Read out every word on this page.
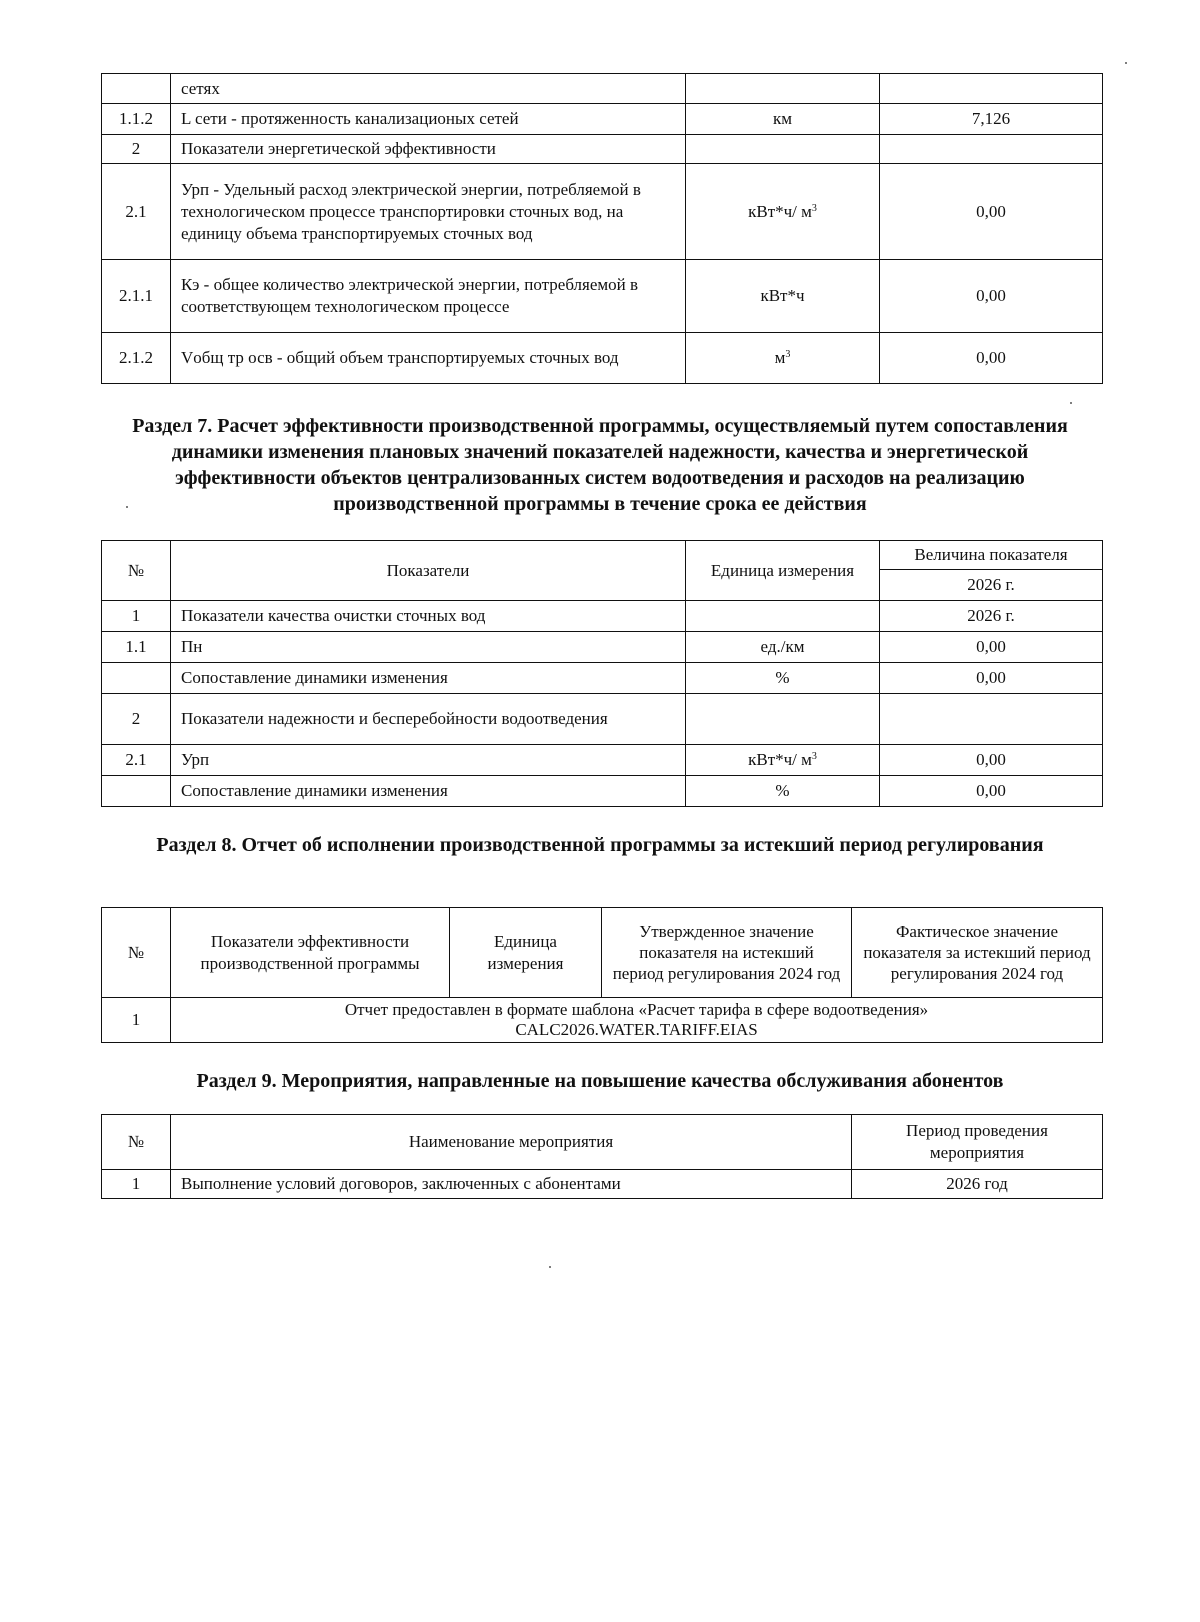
	сетях		
1.1.2	L сети - протяженность канализационых сетей	км	7,126
2	Показатели энергетической эффективности		
2.1	Урп - Удельный расход электрической энергии, потребляемой в технологическом процессе транспортировки сточных вод, на единицу объема транспортируемых сточных вод	кВт*ч/ $м^3$	0,00
2.1.1	Кэ - общее количество электрической энергии, потребляемой в соответствующем технологическом процессе	кВт*ч	0,00
2.1.2	Vобщ тр осв - общий объем транспортируемых сточных вод	$м^3$	0,00
Раздел 7. Расчет эффективности производственной программы, осуществляемый путем сопоставления динамики изменения плановых значений показателей надежности, качества и энергетической эффективности объектов централизованных систем водоотведения и расходов на реализацию производственной программы в течение срока ее действия
№	Показатели	Единица измерения	Величина показателя
			2026 г.
1	Показатели качества очистки сточных вод		2026 г.
1.1	Пн	ед./км	0,00
	Сопоставление динамики изменения	%	0,00
2	Показатели надежности и бесперебойности водоотведения		
2.1	Урп	кВт*ч/ $м^3$	0,00
	Сопоставление динамики изменения	%	0,00
Раздел 8. Отчет об исполнении производственной программы за истекший период регулирования
№	Показатели эффективности производственной программы	Единица измерения	Утвержденное значение показателя на истекший период регулирования 2024 год	Фактическое значение показателя за истекший период регулирования 2024 год
1	Отчет предоставлен в формате шаблона «Расчет тарифа в сфере водоотведения»
CALC2026.WATER.TARIFF.EIAS			
Раздел 9. Мероприятия, направленные на повышение качества обслуживания абонентов
№	Наименование мероприятия	Период проведения мероприятия
1	Выполнение условий договоров, заключенных с абонентами	2026 год
